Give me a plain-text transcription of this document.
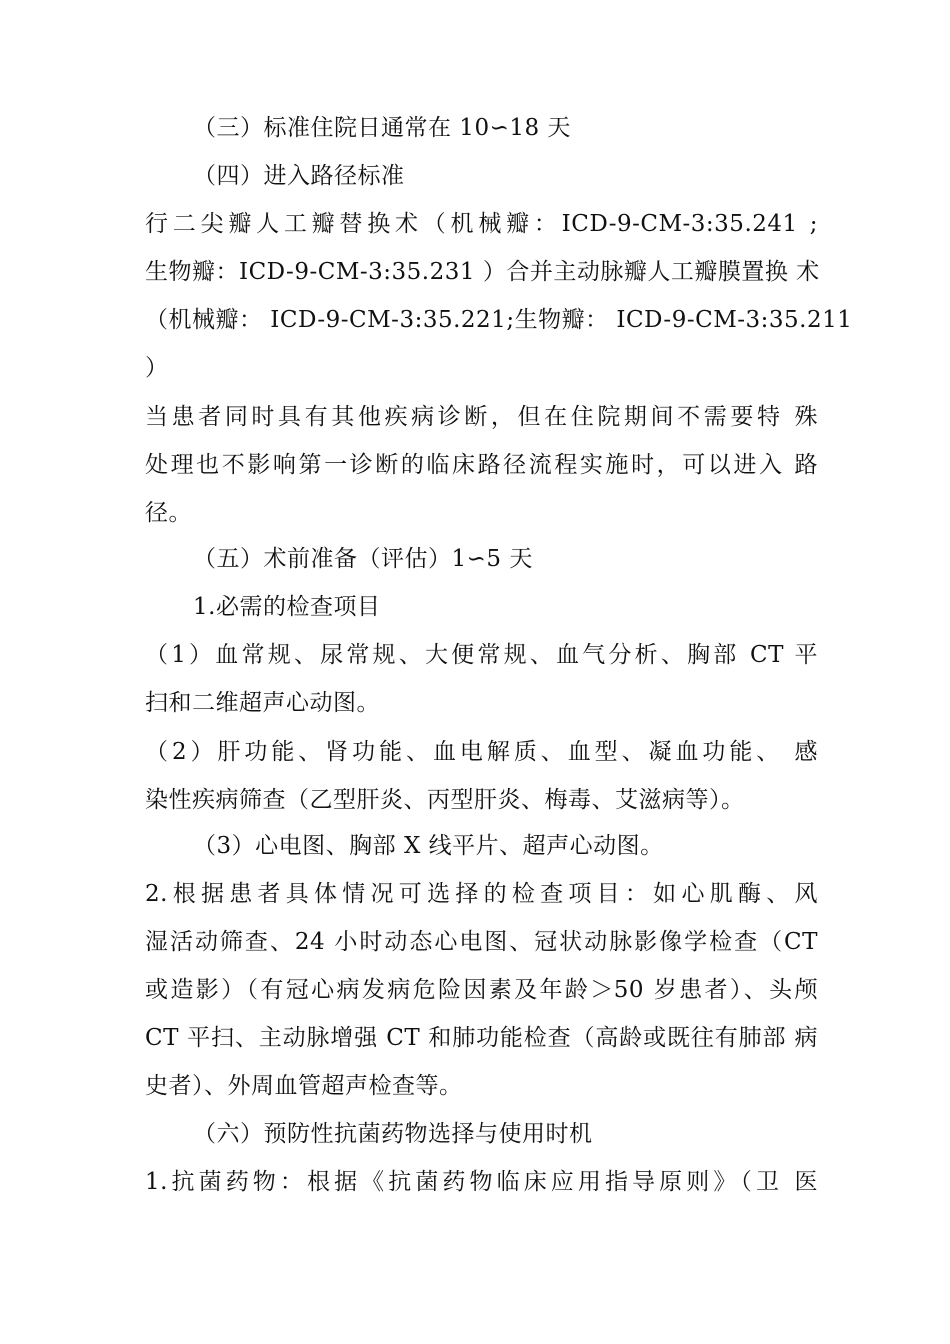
（三）标准住院日通常在 10∽18 天
（四）进入路径标准
行二尖瓣人工瓣替换术（机械瓣：ICD-9-CM-3:35.241 ;
生物瓣：ICD-9-CM-3:35.231 ）合并主动脉瓣人工瓣膜置换 术
（机械瓣： ICD-9-CM-3:35.221;生物瓣： ICD-9-CM-3:35.211
）
当患者同时具有其他疾病诊断，但在住院期间不需要特 殊
处理也不影响第一诊断的临床路径流程实施时，可以进入 路
径。
（五）术前准备（评估）1∽5 天
1.必需的检查项目
（1）血常规、尿常规、大便常规、血气分析、胸部 CT 平
扫和二维超声心动图。
（2）肝功能、肾功能、血电解质、血型、凝血功能、 感
染性疾病筛查（乙型肝炎、丙型肝炎、梅毒、艾滋病等）。
（3）心电图、胸部 X 线平片、超声心动图。
2.根据患者具体情况可选择的检查项目：如心肌酶、风
湿活动筛查、24 小时动态心电图、冠状动脉影像学检查（CT
或造影）（有冠心病发病危险因素及年龄＞50 岁患者）、头颅
CT 平扫、主动脉增强 CT 和肺功能检查（高龄或既往有肺部 病
史者）、外周血管超声检查等。
（六）预防性抗菌药物选择与使用时机
1.抗菌药物：根据《抗菌药物临床应用指导原则》（卫 医
